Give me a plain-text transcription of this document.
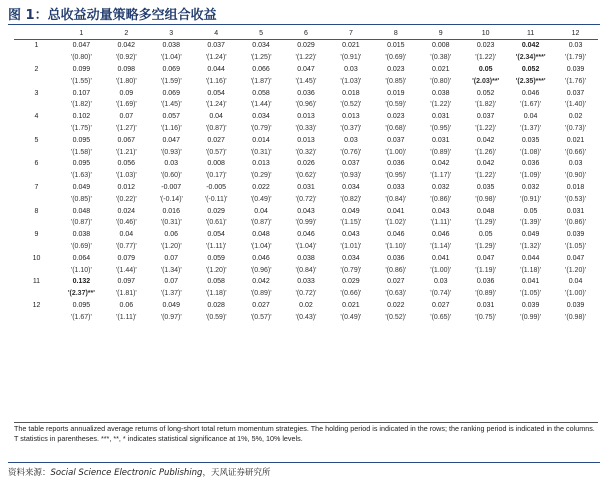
图 1：总收益动量策略多空组合收益
	1	2	3	4	5	6	7	8	9	10	11	12
1	0.047	0.042	0.038	0.037	0.034	0.029	0.021	0.015	0.008	0.023	0.042	0.03
	'(0.80)'	'(0.92)'	'(1.04)'	'(1.24)'	'(1.25)'	'(1.22)'	'(0.91)'	'(0.69)'	'(0.38)'	'(1.22)'	'(2.34)***'	'(1.79)'
2	0.099	0.098	0.069	0.044	0.066	0.047	0.03	0.023	0.021	0.05	0.052	0.039
	'(1.55)'	'(1.80)'	'(1.59)'	'(1.16)'	'(1.87)'	'(1.45)'	'(1.03)'	'(0.85)'	'(0.80)'	'(2.03)**'	'(2.35)***'	'(1.76)'
3	0.107	0.09	0.069	0.054	0.058	0.036	0.018	0.019	0.038	0.052	0.046	0.037
	'(1.82)'	'(1.69)'	'(1.45)'	'(1.24)'	'(1.44)'	'(0.96)'	'(0.52)'	'(0.59)'	'(1.22)'	'(1.82)'	'(1.67)'	'(1.40)'
4	0.102	0.07	0.057	0.04	0.034	0.013	0.013	0.023	0.031	0.037	0.04	0.02
	'(1.75)'	'(1.27)'	'(1.16)'	'(0.87)'	'(0.79)'	'(0.33)'	'(0.37)'	'(0.68)'	'(0.95)'	'(1.22)'	'(1.37)'	'(0.73)'
5	0.095	0.067	0.047	0.027	0.014	0.013	0.03	0.037	0.031	0.042	0.035	0.021
	'(1.58)'	'(1.21)'	'(0.93)'	'(0.57)'	'(0.31)'	'(0.32)'	'(0.76)'	'(1.00)'	'(0.89)'	'(1.26)'	'(1.08)'	'(0.66)'
6	0.095	0.056	0.03	0.008	0.013	0.026	0.037	0.036	0.042	0.042	0.036	0.03
	'(1.63)'	'(1.03)'	'(0.60)'	'(0.17)'	'(0.29)'	'(0.62)'	'(0.93)'	'(0.95)'	'(1.17)'	'(1.22)'	'(1.09)'	'(0.90)'
7	0.049	0.012	-0.007	-0.005	0.022	0.031	0.034	0.033	0.032	0.035	0.032	0.018
	'(0.85)'	'(0.22)'	'(-0.14)'	'(-0.11)'	'(0.49)'	'(0.72)'	'(0.82)'	'(0.84)'	'(0.86)'	'(0.98)'	'(0.91)'	'(0.53)'
8	0.048	0.024	0.016	0.029	0.04	0.043	0.049	0.041	0.043	0.048	0.05	0.031
	'(0.87)'	'(0.46)'	'(0.31)'	'(0.61)'	'(0.87)'	'(0.99)'	'(1.15)'	'(1.02)'	'(1.11)'	'(1.29)'	'(1.39)'	'(0.86)'
9	0.038	0.04	0.06	0.054	0.048	0.046	0.043	0.046	0.046	0.05	0.049	0.039
	'(0.69)'	'(0.77)'	'(1.20)'	'(1.11)'	'(1.04)'	'(1.04)'	'(1.01)'	'(1.10)'	'(1.14)'	'(1.29)'	'(1.32)'	'(1.05)'
10	0.064	0.079	0.07	0.059	0.046	0.038	0.034	0.036	0.041	0.047	0.044	0.047
	'(1.10)'	'(1.44)'	'(1.34)'	'(1.20)'	'(0.96)'	'(0.84)'	'(0.79)'	'(0.86)'	'(1.00)'	'(1.19)'	'(1.18)'	'(1.20)'
11	0.132	0.097	0.07	0.058	0.042	0.033	0.029	0.027	0.03	0.036	0.041	0.04
	'(2.37)**'	'(1.81)'	'(1.37)'	'(1.18)'	'(0.89)'	'(0.72)'	'(0.66)'	'(0.63)'	'(0.74)'	'(0.89)'	'(1.05)'	'(1.00)'
12	0.095	0.06	0.049	0.028	0.027	0.02	0.021	0.022	0.027	0.031	0.039	0.039
	'(1.67)'	'(1.11)'	'(0.97)'	'(0.59)'	'(0.57)'	'(0.43)'	'(0.49)'	'(0.52)'	'(0.65)'	'(0.75)'	'(0.99)'	'(0.98)'
The table reports annualized average returns of long-short total return momentum strategies. The holding period is indicated in the rows; the ranking period is indicated in the columns. T statistics in parentheses. ***, **, * indicates statistical significance at 1%, 5%, 10% levels.
资料来源：Social Science Electronic Publishing，天风证券研究所
